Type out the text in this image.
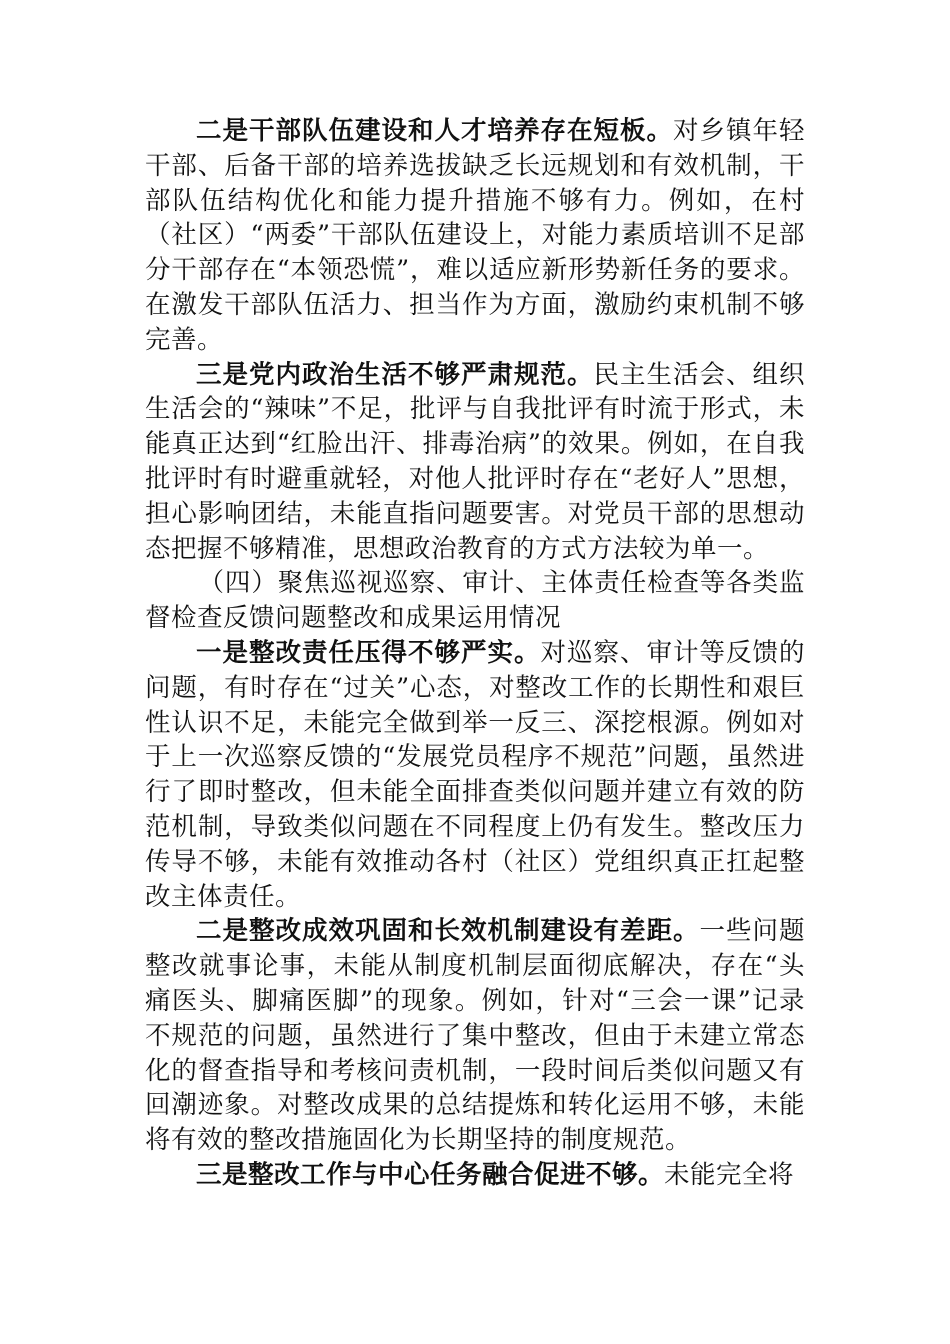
二是干部队伍建设和人才培养存在短板。对乡镇年轻干部、后备干部的培养选拔缺乏长远规划和有效机制，干部队伍结构优化和能力提升措施不够有力。例如，在村（社区）“两委”干部队伍建设上，对能力素质培训不足部分干部存在“本领恐慌”，难以适应新形势新任务的要求。在激发干部队伍活力、担当作为方面，激励约束机制不够完善。

三是党内政治生活不够严肃规范。民主生活会、组织生活会的“辣味”不足，批评与自我批评有时流于形式，未能真正达到“红脸出汗、排毒治病”的效果。例如，在自我批评时有时避重就轻，对他人批评时存在“老好人”思想，担心影响团结，未能直指问题要害。对党员干部的思想动态把握不够精准，思想政治教育的方式方法较为单一。

（四）聚焦巡视巡察、审计、主体责任检查等各类监督检查反馈问题整改和成果运用情况

一是整改责任压得不够严实。对巡察、审计等反馈的问题，有时存在“过关”心态，对整改工作的长期性和艰巨性认识不足，未能完全做到举一反三、深挖根源。例如对于上一次巡察反馈的“发展党员程序不规范”问题，虽然进行了即时整改，但未能全面排查类似问题并建立有效的防范机制，导致类似问题在不同程度上仍有发生。整改压力传导不够，未能有效推动各村（社区）党组织真正扛起整改主体责任。

二是整改成效巩固和长效机制建设有差距。一些问题整改就事论事，未能从制度机制层面彻底解决，存在“头痛医头、脚痛医脚”的现象。例如，针对“三会一课”记录不规范的问题，虽然进行了集中整改，但由于未建立常态化的督查指导和考核问责机制，一段时间后类似问题又有回潮迹象。对整改成果的总结提炼和转化运用不够，未能将有效的整改措施固化为长期坚持的制度规范。

三是整改工作与中心任务融合促进不够。未能完全将
